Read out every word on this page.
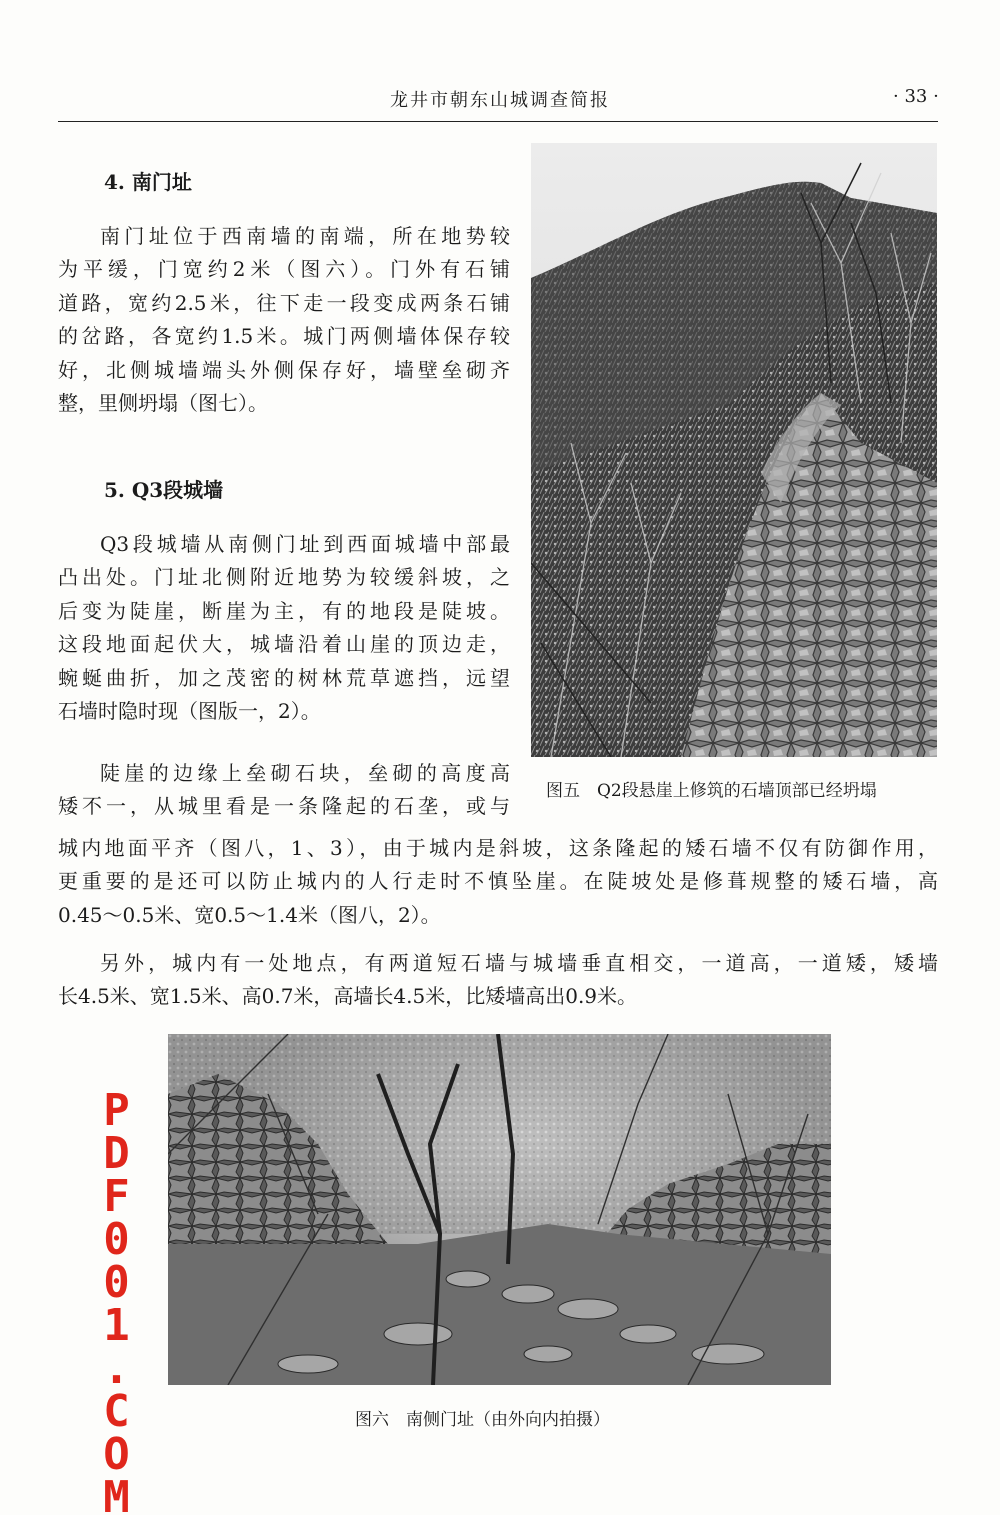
龙井市朝东山城调查简报	· 33 ·
4. 南门址
南门址位于西南墙的南端，所在地势较
为平缓，门宽约2米（图六）。门外有石铺
道路，宽约2.5米，往下走一段变成两条石铺
的岔路，各宽约1.5米。城门两侧墙体保存较
好，北侧城墙端头外侧保存好，墙壁垒砌齐
整，里侧坍塌（图七）。
5. Q3段城墙
Q3段城墙从南侧门址到西面城墙中部最
凸出处。门址北侧附近地势为较缓斜坡，之
后变为陡崖，断崖为主，有的地段是陡坡。
这段地面起伏大，城墙沿着山崖的顶边走，
蜿蜒曲折，加之茂密的树林荒草遮挡，远望
石墙时隐时现（图版一，2）。
陡崖的边缘上垒砌石块，垒砌的高度高
矮不一，从城里看是一条隆起的石垄，或与
城内地面平齐（图八，1、3），由于城内是斜坡，这条隆起的矮石墙不仅有防御作用，
更重要的是还可以防止城内的人行走时不慎坠崖。在陡坡处是修葺规整的矮石墙，高
0.45～0.5米、宽0.5～1.4米（图八，2）。
另外，城内有一处地点，有两道短石墙与城墙垂直相交，一道高，一道矮，矮墙
长4.5米、宽1.5米、高0.7米，高墙长4.5米，比矮墙高出0.9米。
图五　Q2段悬崖上修筑的石墙顶部已经坍塌
图六　南侧门址（由外向内拍摄）
PDF001.COM
